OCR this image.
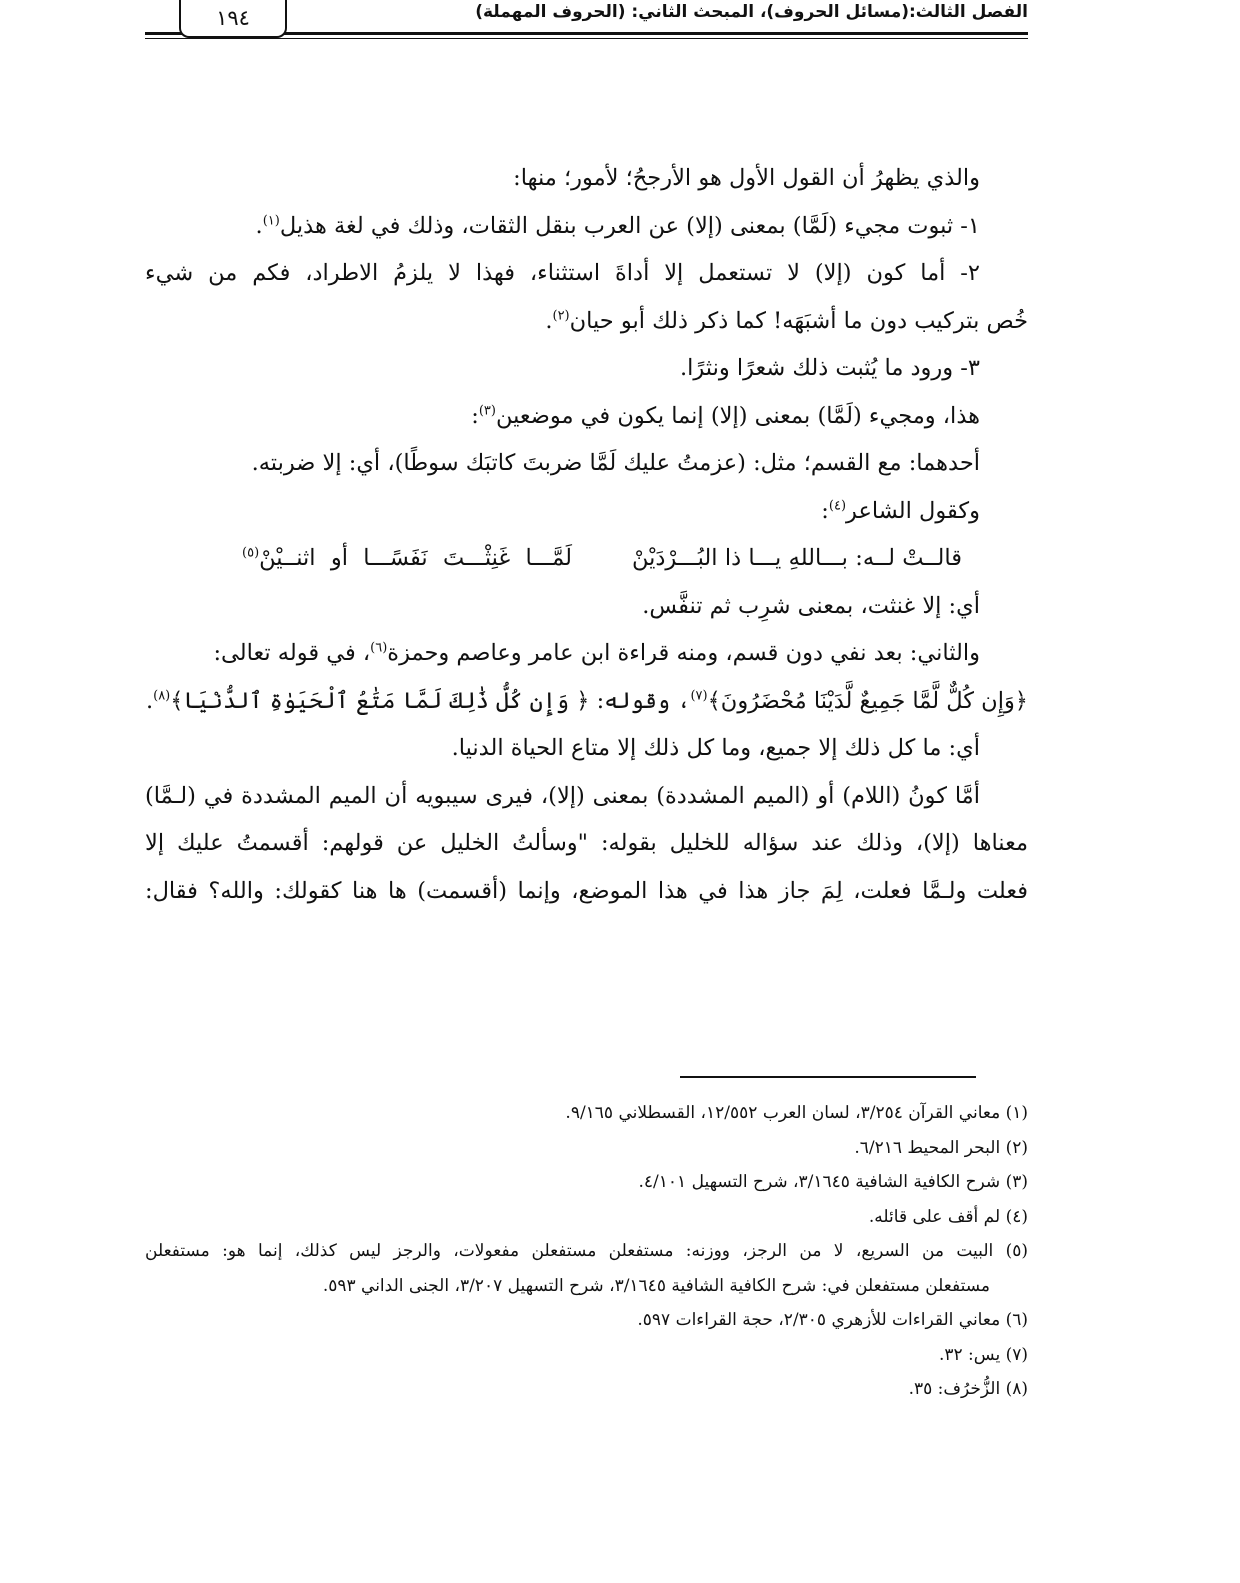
الفصل الثالث:(مسائل الحروف)، المبحث الثاني: (الحروف المهملة)
١٩٤
والذي يظهرُ أن القول الأول هو الأرجحُ؛ لأمور؛ منها:
١- ثبوت مجيء (لَمَّا) بمعنى (إلا) عن العرب بنقل الثقات، وذلك في لغة هذيل$^{(١)}$.
٢- أما كون (إلا) لا تستعمل إلا أداةَ استثناء، فهذا لا يلزمُ الاطراد، فكم من شيء
خُص بتركيب دون ما أشبَهَه! كما ذكر ذلك أبو حيان$^{(٢)}$.
٣- ورود ما يُثبت ذلك شعرًا ونثرًا.
هذا، ومجيء (لَمَّا) بمعنى (إلا) إنما يكون في موضعين$^{(٣)}$:
أحدهما: مع القسم؛ مثل: (عزمتُ عليك لَمَّا ضربتَ كاتبَك سوطًا)، أي: إلا ضربته.
وكقول الشاعر$^{(٤)}$:
قالــتْ لــه: بـــاللهِ يـــا ذا البُـــرْدَيْنْ
لَمَّـــا غَنِثْـــتَ نَفَسًـــا أو اثنــيْنْ$^{(٥)}$
أي: إلا غنثت، بمعنى شرِب ثم تنفَّس.
والثاني: بعد نفي دون قسم، ومنه قراءة ابن عامر وعاصم وحمزة$^{(٦)}$، في قوله تعالى:
﴿وَإِن كُلٌّ لَّمَّا جَمِيعٌ لَّدَيْنَا مُحْضَرُونَ﴾$^{(٧)}$، وقوله: ﴿ وَإِن كُلُّ ذَٰلِكَ لَمَّا مَتَٰعُ ٱلْحَيَوٰةِ ٱلدُّنْيَا﴾$^{(٨)}$.
أي: ما كل ذلك إلا جميع، وما كل ذلك إلا متاع الحياة الدنيا.
أمَّا كونُ (اللام) أو (الميم المشددة) بمعنى (إلا)، فيرى سيبويه أن الميم المشددة في (لـمَّا)
معناها (إلا)، وذلك عند سؤاله للخليل بقوله: "وسألتُ الخليل عن قولهم: أقسمتُ عليك إلا
فعلت ولـمَّا فعلت، لِمَ جاز هذا في هذا الموضع، وإنما (أقسمت) ها هنا كقولك: والله؟ فقال:
(١) معاني القرآن ٣/٢٥٤، لسان العرب ١٢/٥٥٢، القسطلاني ٩/١٦٥.
(٢) البحر المحيط ٦/٢١٦.
(٣) شرح الكافية الشافية ٣/١٦٤٥، شرح التسهيل ٤/١٠١.
(٤) لم أقف على قائله.
(٥) البيت من السريع، لا من الرجز، ووزنه: مستفعلن مستفعلن مفعولات، والرجز ليس كذلك، إنما هو: مستفعلن
مستفعلن مستفعلن في: شرح الكافية الشافية ٣/١٦٤٥، شرح التسهيل ٣/٢٠٧، الجنى الداني ٥٩٣.
(٦) معاني القراءات للأزهري ٢/٣٠٥، حجة القراءات ٥٩٧.
(٧) يس: ٣٢.
(٨) الزُّخرُف: ٣٥.
